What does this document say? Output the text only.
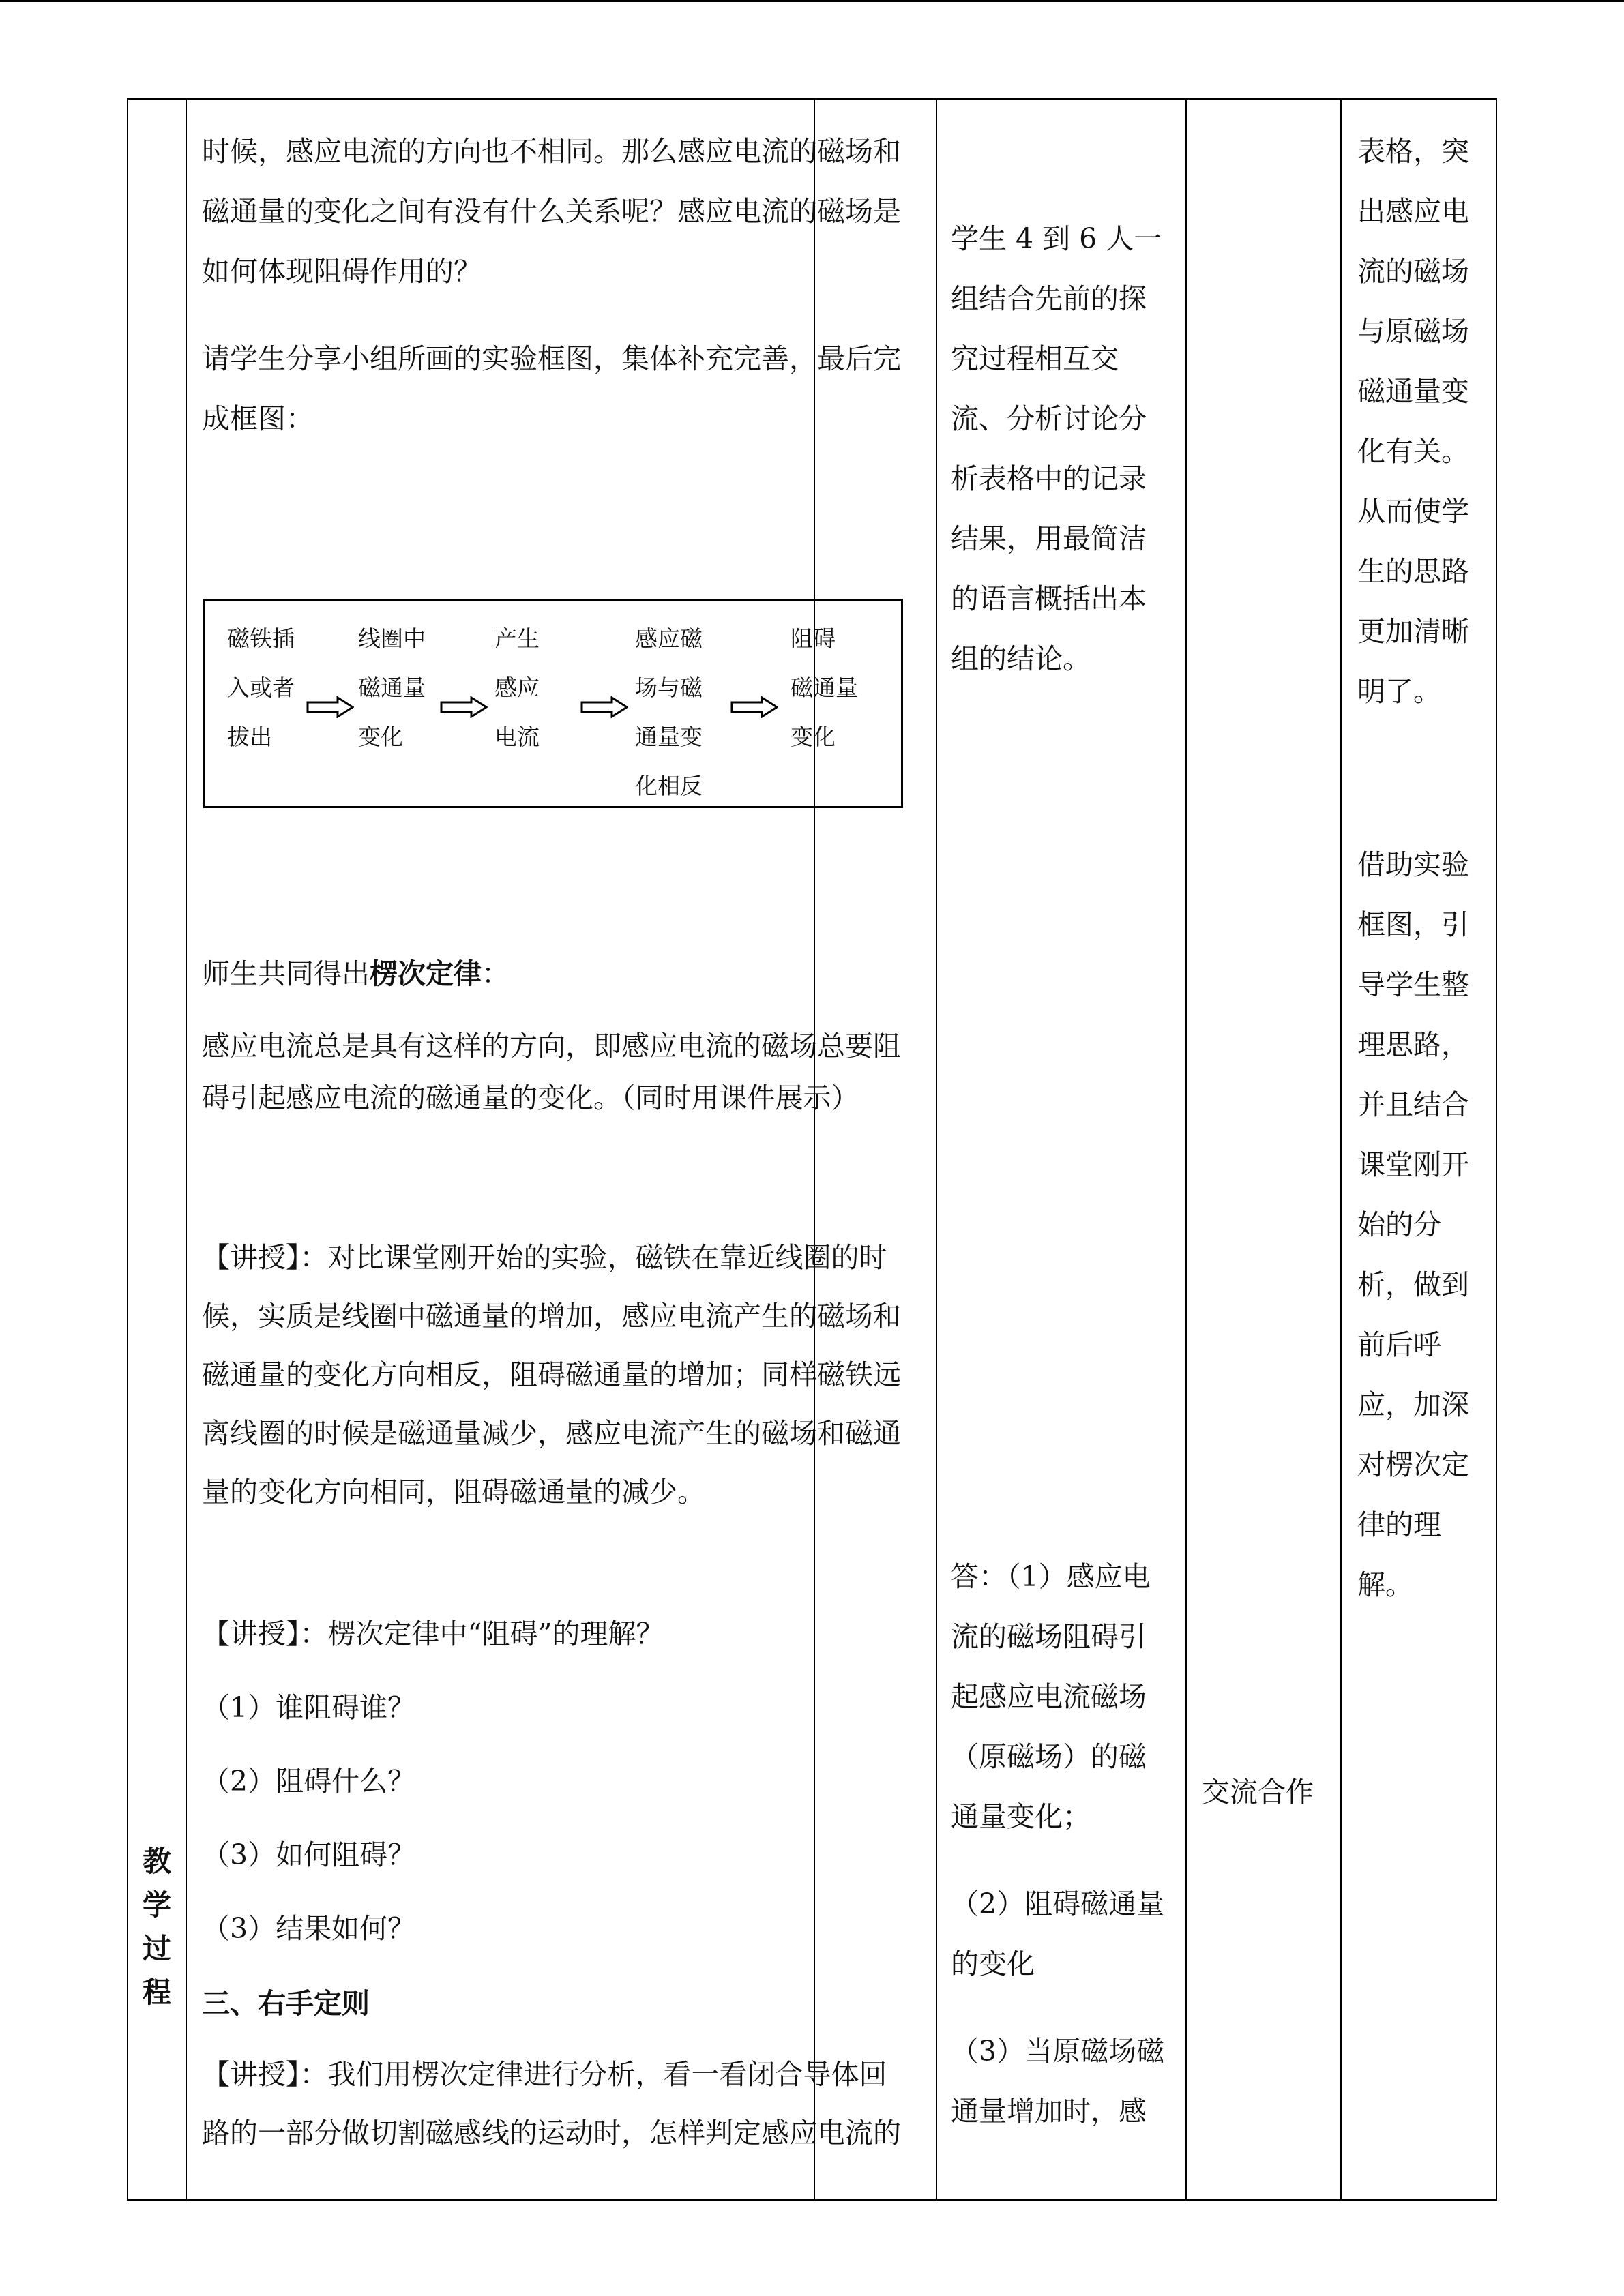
教
学
过
程
时候，感应电流的方向也不相同。那么感应电流的磁场和
磁通量的变化之间有没有什么关系呢？感应电流的磁场是
如何体现阻碍作用的？
请学生分享小组所画的实验框图，集体补充完善，最后完
成框图：
磁铁插
入或者
拔出
线圈中
磁通量
变化
产生
感应
电流
感应磁
场与磁
通量变
化相反
阻碍
磁通量
变化
师生共同得出楞次定律：
感应电流总是具有这样的方向，即感应电流的磁场总要阻
碍引起感应电流的磁通量的变化。（同时用课件展示）
【讲授】：对比课堂刚开始的实验，磁铁在靠近线圈的时
候，实质是线圈中磁通量的增加，感应电流产生的磁场和
磁通量的变化方向相反，阻碍磁通量的增加；同样磁铁远
离线圈的时候是磁通量减少，感应电流产生的磁场和磁通
量的变化方向相同，阻碍磁通量的减少。
【讲授】：楞次定律中“阻碍”的理解？
（1）谁阻碍谁？
（2）阻碍什么？
（3）如何阻碍？
（3）结果如何？
三、右手定则
【讲授】：我们用楞次定律进行分析，看一看闭合导体回
路的一部分做切割磁感线的运动时，怎样判定感应电流的
学生 4 到 6 人一
组结合先前的探
究过程相互交
流、分析讨论分
析表格中的记录
结果，用最简洁
的语言概括出本
组的结论。
答：（1）感应电
流的磁场阻碍引
起感应电流磁场
（原磁场）的磁
通量变化；
（2）阻碍磁通量
的变化
（3）当原磁场磁
通量增加时，感
交流合作
表格，突
出感应电
流的磁场
与原磁场
磁通量变
化有关。
从而使学
生的思路
更加清晰
明了。
借助实验
框图，引
导学生整
理思路，
并且结合
课堂刚开
始的分
析，做到
前后呼
应，加深
对楞次定
律的理
解。
